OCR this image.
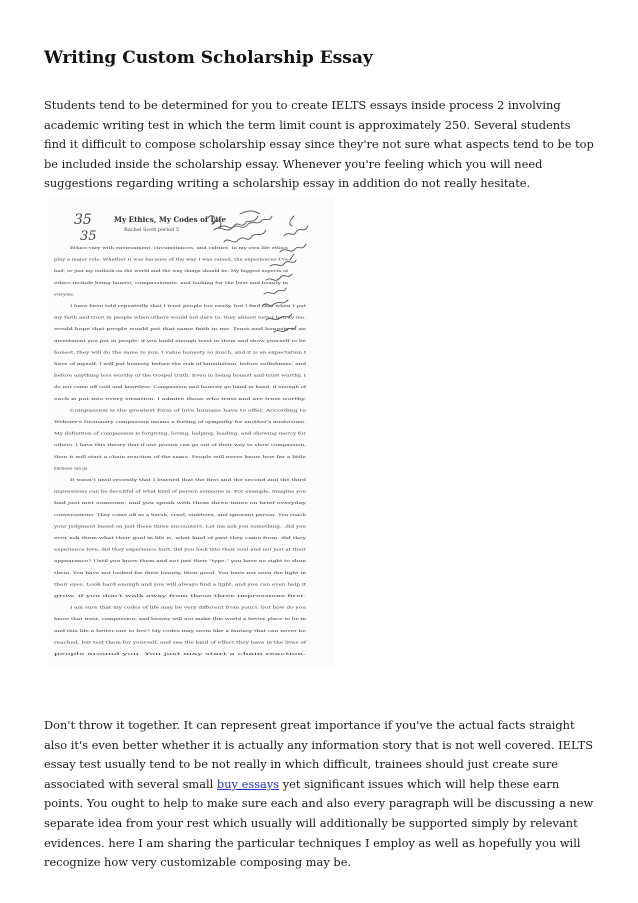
Writing Custom Scholarship Essay

Students tend to be determined for you to create IELTS essays inside process 2 involving academic writing test in which the term limit count is approximately 250. Several students find it difficult to compose scholarship essay since they're not sure what aspects tend to be top be included inside the scholarship essay. Whenever you're feeling which you will need suggestions regarding writing a scholarship essay in addition do not really hesitate.

35
35
My Ethics, My Codes of Life
Rachel Scott period 5
Ethics vary with environment, circumstances, and culture. In my own life ethics
play a major role. Whether it was because of the way I was raised, the experiences I've
had, or just my outlook on the world and the way things should be. My biggest aspects of
ethics include being honest, compassionate, and looking for the best and beauty in
everyone.
I have been told repeatedly that I trust people too easily, but I find that when I put
my faith and trust in people when others would not dare to, they almost never betray me.
would hope that people would put that same faith in me. Trust and honesty is an
investment you put in people; if you build enough trust in them and show yourself to be
honest, they will do the same to you. I value honesty so much, and it is an expectation I
have of myself. I will put honesty before the risk of humiliation, before selfishness, and
before anything less worthy of the Gospel truth. Even in being honest and trust worthy, I
do not come off cold and heartless. Compassion and honesty go hand in hand, if enough of
each is put into every situation. I admire those who trust and are trust worthy.
Compassion is the greatest form of love humans have to offer. According to
Webster's Dictionary compassion means a feeling of sympathy for another's misfortune.
My definition of compassion is forgiving, loving, helping, leading, and showing mercy for
others. I have this theory that if one person can go out of their way to show compassion,
then it will start a chain reaction of the same. People will never know how far a little
kindness can go.
It wasn't until recently that I learned that the first and the second and the third
impressions can be deceitful of what kind of person someone is. For example, imagine you
had just met someone, and you speak with them three times on brief everyday
conversations. They come off as a harsh, cruel, stubborn, and ignorant person. You reach
your judgment based on just these three encounters. Let me ask you something...did you
ever ask them what their goal in life is, what kind of past they came from, did they
experience love, did they experience hurt, did you look into their soul and not just at their
appearance? Until you know them and not just their "type," you have no right to shun
them. You have not looked for their beauty, their good. You have not seen the light in
their eyes. Look hard enough and you will always find a light, and you can even help it
grow, if you don't walk away from these three impressions first.
I am sure that my codes of life may be very different from yours, but how do you
know that trust, compassion, and beauty will not make this world a better place to be in
and this life a better one to live? My codes may seem like a fantasy that can never be
reached, but test them for yourself, and see the kind of effect they have in the lives of
people around you. You just may start a chain reaction.

Don't throw it together. It can represent great importance if you've the actual facts straight also it's even better whether it is actually any information story that is not well covered. IELTS essay test usually tend to be not really in which difficult, trainees should just create sure associated with several small buy essays yet significant issues which will help these earn points. You ought to help to make sure each and also every paragraph will be discussing a new separate idea from your rest which usually will additionally be supported simply by relevant evidences. here I am sharing the particular techniques I employ as well as hopefully you will recognize how very customizable composing may be.
